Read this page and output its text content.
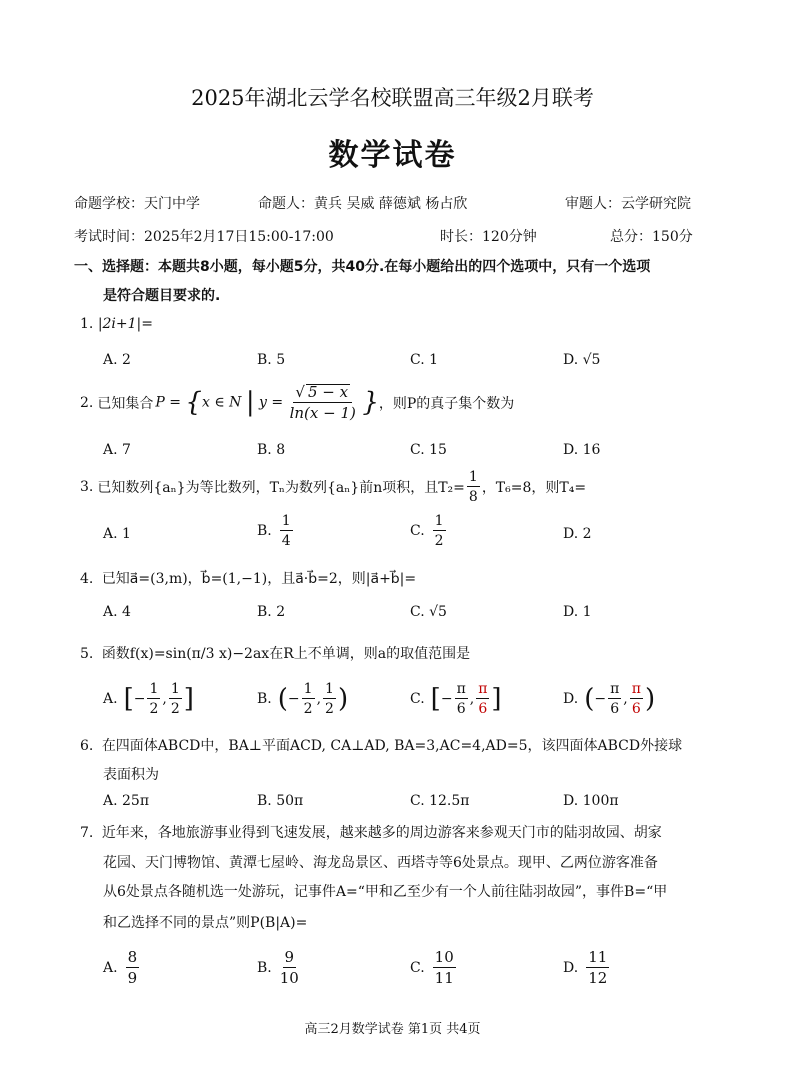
2025年湖北云学名校联盟高三年级2月联考
数学试卷
命题学校：天门中学	命题人：黄兵 吴威 薛德斌 杨占欣	审题人：云学研究院
考试时间：2025年2月17日15:00-17:00	时长：120分钟	总分：150分
一、选择题：本题共8小题，每小题5分，共40分.在每小题给出的四个选项中，只有一个选项
是符合题目要求的.
1. |2i+1|=
A. 2	B. 5	C. 1	D. √5
2. 已知集合 P = {x ∈ N | $y = \frac{√ 5 - x}{\ln(x - 1)}$ } ，则P的真子集个数为
A. 7	B. 8	C. 15	D. 16
3. 已知数列{aₙ}为等比数列，Tₙ为数列{aₙ}前n项积，且$T_2= \frac{1}{8}$ ，T₆=8，则T₄=
A. 1	B. $\frac{1}{4}$	C. $\frac{1}{2}$	D. 2
4. 已知a⃗=(3,m)，b⃗=(1,−1)，且a⃗·b⃗=2，则|a⃗+b⃗|=
A. 4	B. 2	C. √5	D. 1
5. 函数f(x)=sin(π/3 x)−2ax在R上不单调，则a的取值范围是
A. [ − $\frac{1}{2}$ , $\frac{1}{2}$ ]	B. ( − $\frac{1}{2}$ , $\frac{1}{2}$ )	C. [ − $\frac{\pi}{6}$ , $\frac{\pi}{6}$ ]	D. ( − $\frac{\pi}{6}$ , $\frac{\pi}{6}$ )
6. 在四面体ABCD中，BA⊥平面ACD, CA⊥AD, BA=3,AC=4,AD=5，该四面体ABCD外接球
表面积为
A. 25π	B. 50π	C. 12.5π	D. 100π
7. 近年来，各地旅游事业得到飞速发展，越来越多的周边游客来参观天门市的陆羽故园、胡家
花园、天门博物馆、黄潭七屋岭、海龙岛景区、西塔寺等6处景点。现甲、乙两位游客准备
从6处景点各随机选一处游玩，记事件A=“甲和乙至少有一个人前往陆羽故园”，事件B=“甲
和乙选择不同的景点”则P(B|A)=
A. $\frac{8}{9}$	B. $\frac{9}{10}$	C. $\frac{10}{11}$	D. $\frac{11}{12}$
高三2月数学试卷 第1页 共4页
